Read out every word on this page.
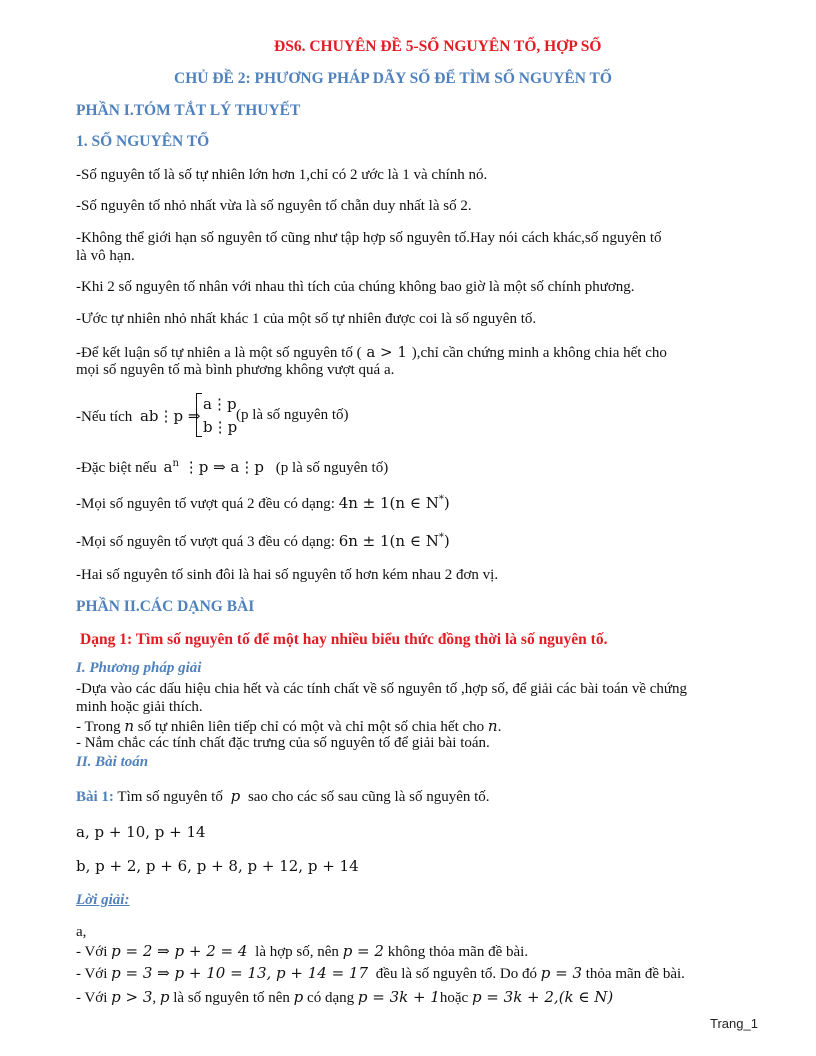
ĐS6. CHUYÊN ĐỀ 5-SỐ NGUYÊN TỐ, HỢP SỐ
CHỦ ĐỀ 2: PHƯƠNG PHÁP DÃY SỐ ĐỂ TÌM SỐ NGUYÊN TỐ
PHẦN I.TÓM TẮT LÝ THUYẾT
1. SỐ NGUYÊN TỐ
-Số nguyên tố là số tự nhiên lớn hơn 1,chỉ có 2 ước là 1 và chính nó.
-Số nguyên tố nhỏ nhất vừa là số nguyên tố chẵn duy nhất là số 2.
-Không thể giới hạn số nguyên tố cũng như tập hợp số nguyên tố.Hay nói cách khác,số nguyên tố
là vô hạn.
-Khi 2 số nguyên tố nhân với nhau thì tích của chúng không bao giờ là một số chính phương.
-Ước tự nhiên nhỏ nhất khác 1 của một số tự nhiên được coi là số nguyên tố.
-Để kết luận số tự nhiên a là một số nguyên tố ( a > 1 ),chỉ cần chứng minh a không chia hết cho
mọi số nguyên tố mà bình phương không vượt quá a.
-Nếu tích ab⋮p ⇒
a⋮p
b⋮p
(p là số nguyên tố)
-Đặc biệt nếu $a^n$ ⋮p ⇒ a⋮p (p là số nguyên tố)
-Mọi số nguyên tố vượt quá 2 đều có dạng: 4n ± 1(n ∈ N*)
-Mọi số nguyên tố vượt quá 3 đều có dạng: 6n ± 1(n ∈ N*)
-Hai số nguyên tố sinh đôi là hai số nguyên tố hơn kém nhau 2 đơn vị.
PHẦN II.CÁC DẠNG BÀI
Dạng 1: Tìm số nguyên tố để một hay nhiều biểu thức đồng thời là số nguyên tố.
I. Phương pháp giải
-Dựa vào các dấu hiệu chia hết và các tính chất về số nguyên tố ,hợp số, để giải các bài toán về chứng
minh hoặc giải thích.
- Trong n số tự nhiên liên tiếp chỉ có một và chỉ một số chia hết cho n.
- Nắm chắc các tính chất đặc trưng của số nguyên tố để giải bài toán.
II. Bài toán
Bài 1: Tìm số nguyên tố p sao cho các số sau cũng là số nguyên tố.
a, p + 10, p + 14
b, p + 2, p + 6, p + 8, p + 12, p + 14
Lời giải:
a,
- Với p = 2 ⇒ p + 2 = 4 là hợp số, nên p = 2 không thỏa mãn đề bài.
- Với p = 3 ⇒ p + 10 = 13, p + 14 = 17 đều là số nguyên tố. Do đó p = 3 thỏa mãn đề bài.
- Với p > 3, p là số nguyên tố nên p có dạng p = 3k + 1hoặc p = 3k + 2,(k ∈ N)
Trang_1
